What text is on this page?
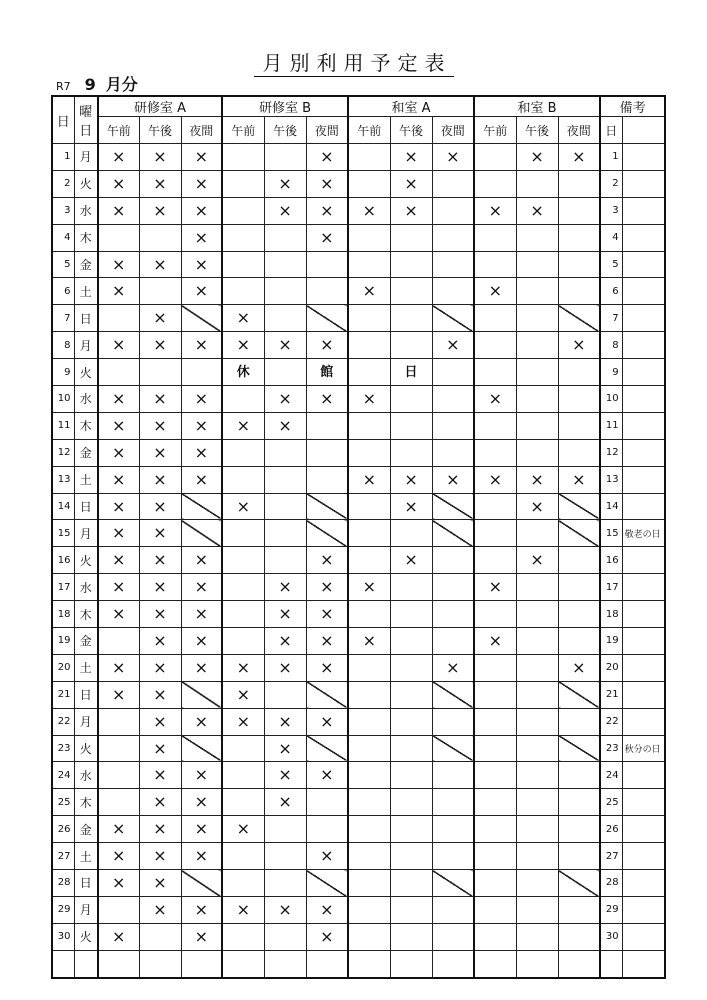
月別利用予定表
R7 9 月分
日	曜日	研修室 A			研修室 B			和室 A			和室 B			備考	
		午前	午後	夜間	午前	午後	夜間	午前	午後	夜間	午前	午後	夜間	日	
1	月	×	×	×			×		×	×		×	×	1	
2	火	×	×	×		×	×		×					2	
3	水	×	×	×		×	×	×	×		×	×		3	
4	木			×			×							4	
5	金	×	×	×										5	
6	土	×		×				×			×			6	
7	日		×		×									7	
8	月	×	×	×	×	×	×			×			×	8	
9	火				休		館		日					9	
10	水	×	×	×		×	×	×			×			10	
11	木	×	×	×	×	×								11	
12	金	×	×	×										12	
13	土	×	×	×				×	×	×	×	×	×	13	
14	日	×	×		×				×			×		14	
15	月	×	×											15	敬老の日
16	火	×	×	×			×		×			×		16	
17	水	×	×	×		×	×	×			×			17	
18	木	×	×	×		×	×							18	
19	金		×	×		×	×	×			×			19	
20	土	×	×	×	×	×	×			×			×	20	
21	日	×	×		×									21	
22	月		×	×	×	×	×							22	
23	火		×			×								23	秋分の日
24	水		×	×		×	×							24	
25	木		×	×		×								25	
26	金	×	×	×	×									26	
27	土	×	×	×			×							27	
28	日	×	×											28	
29	月		×	×	×	×	×							29	
30	火	×		×			×							30	
